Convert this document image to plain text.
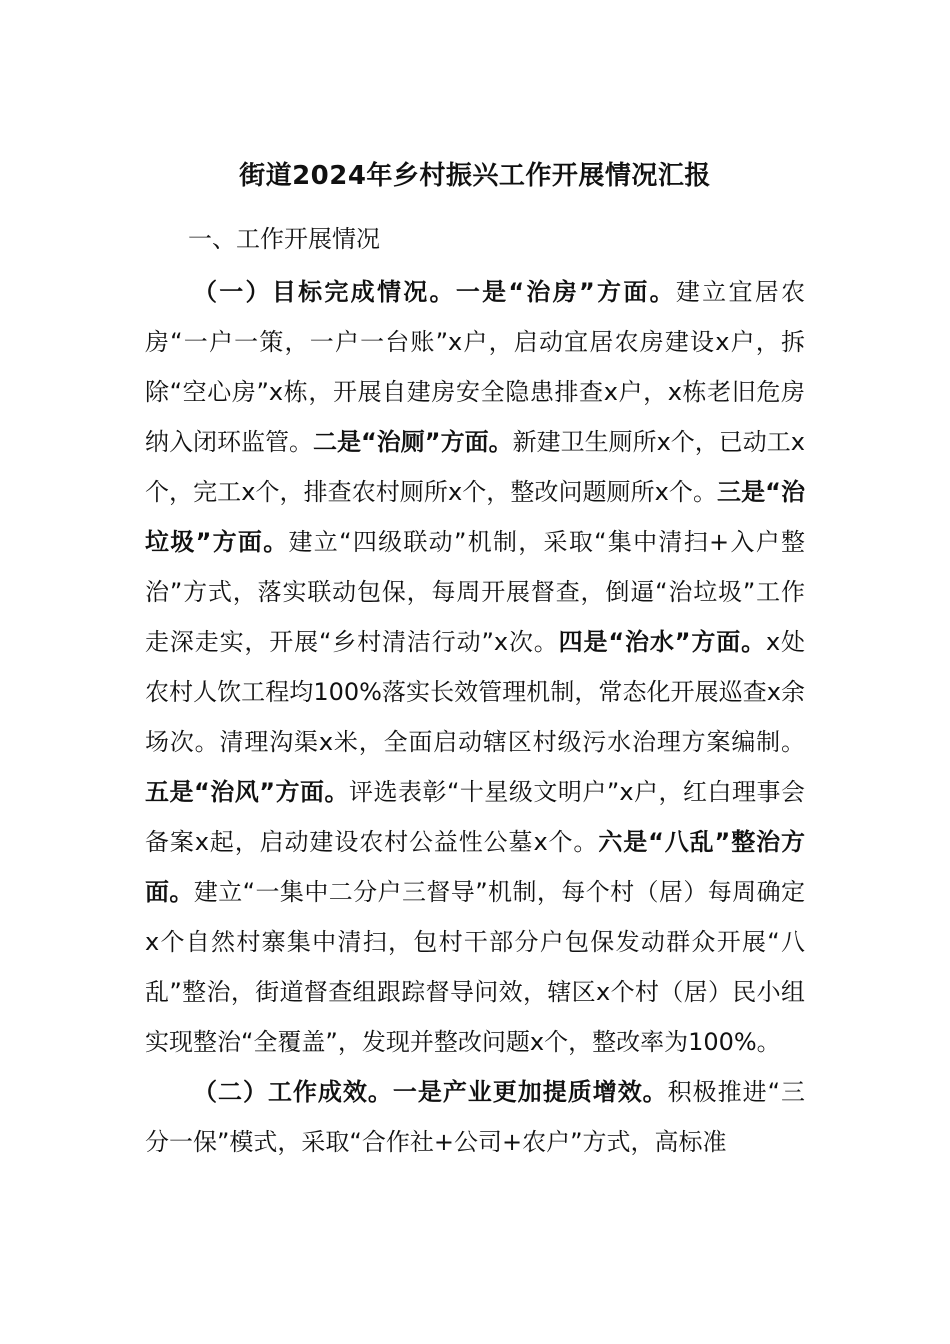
街道2024年乡村振兴工作开展情况汇报
一、工作开展情况

（一）目标完成情况。一是“治房”方面。建立宜居农房“一户一策，一户一台账”x户，启动宜居农房建设x户，拆除“空心房”x栋，开展自建房安全隐患排查x户，x栋老旧危房纳入闭环监管。二是“治厕”方面。新建卫生厕所x个，已动工x个，完工x个，排查农村厕所x个，整改问题厕所x个。三是“治垃圾”方面。建立“四级联动”机制，采取“集中清扫+入户整治”方式，落实联动包保，每周开展督查，倒逼“治垃圾”工作走深走实，开展“乡村清洁行动”x次。四是“治水”方面。x处农村人饮工程均100%落实长效管理机制，常态化开展巡查x余场次。清理沟渠x米，全面启动辖区村级污水治理方案编制。五是“治风”方面。评选表彰“十星级文明户”x户，红白理事会备案x起，启动建设农村公益性公墓x个。六是“八乱”整治方面。建立“一集中二分户三督导”机制，每个村（居）每周确定x个自然村寨集中清扫，包村干部分户包保发动群众开展“八乱”整治，街道督查组跟踪督导问效，辖区x个村（居）民小组实现整治“全覆盖”，发现并整改问题x个，整改率为100%。

（二）工作成效。一是产业更加提质增效。积极推进“三分一保”模式，采取“合作社+公司+农户”方式，高标准
